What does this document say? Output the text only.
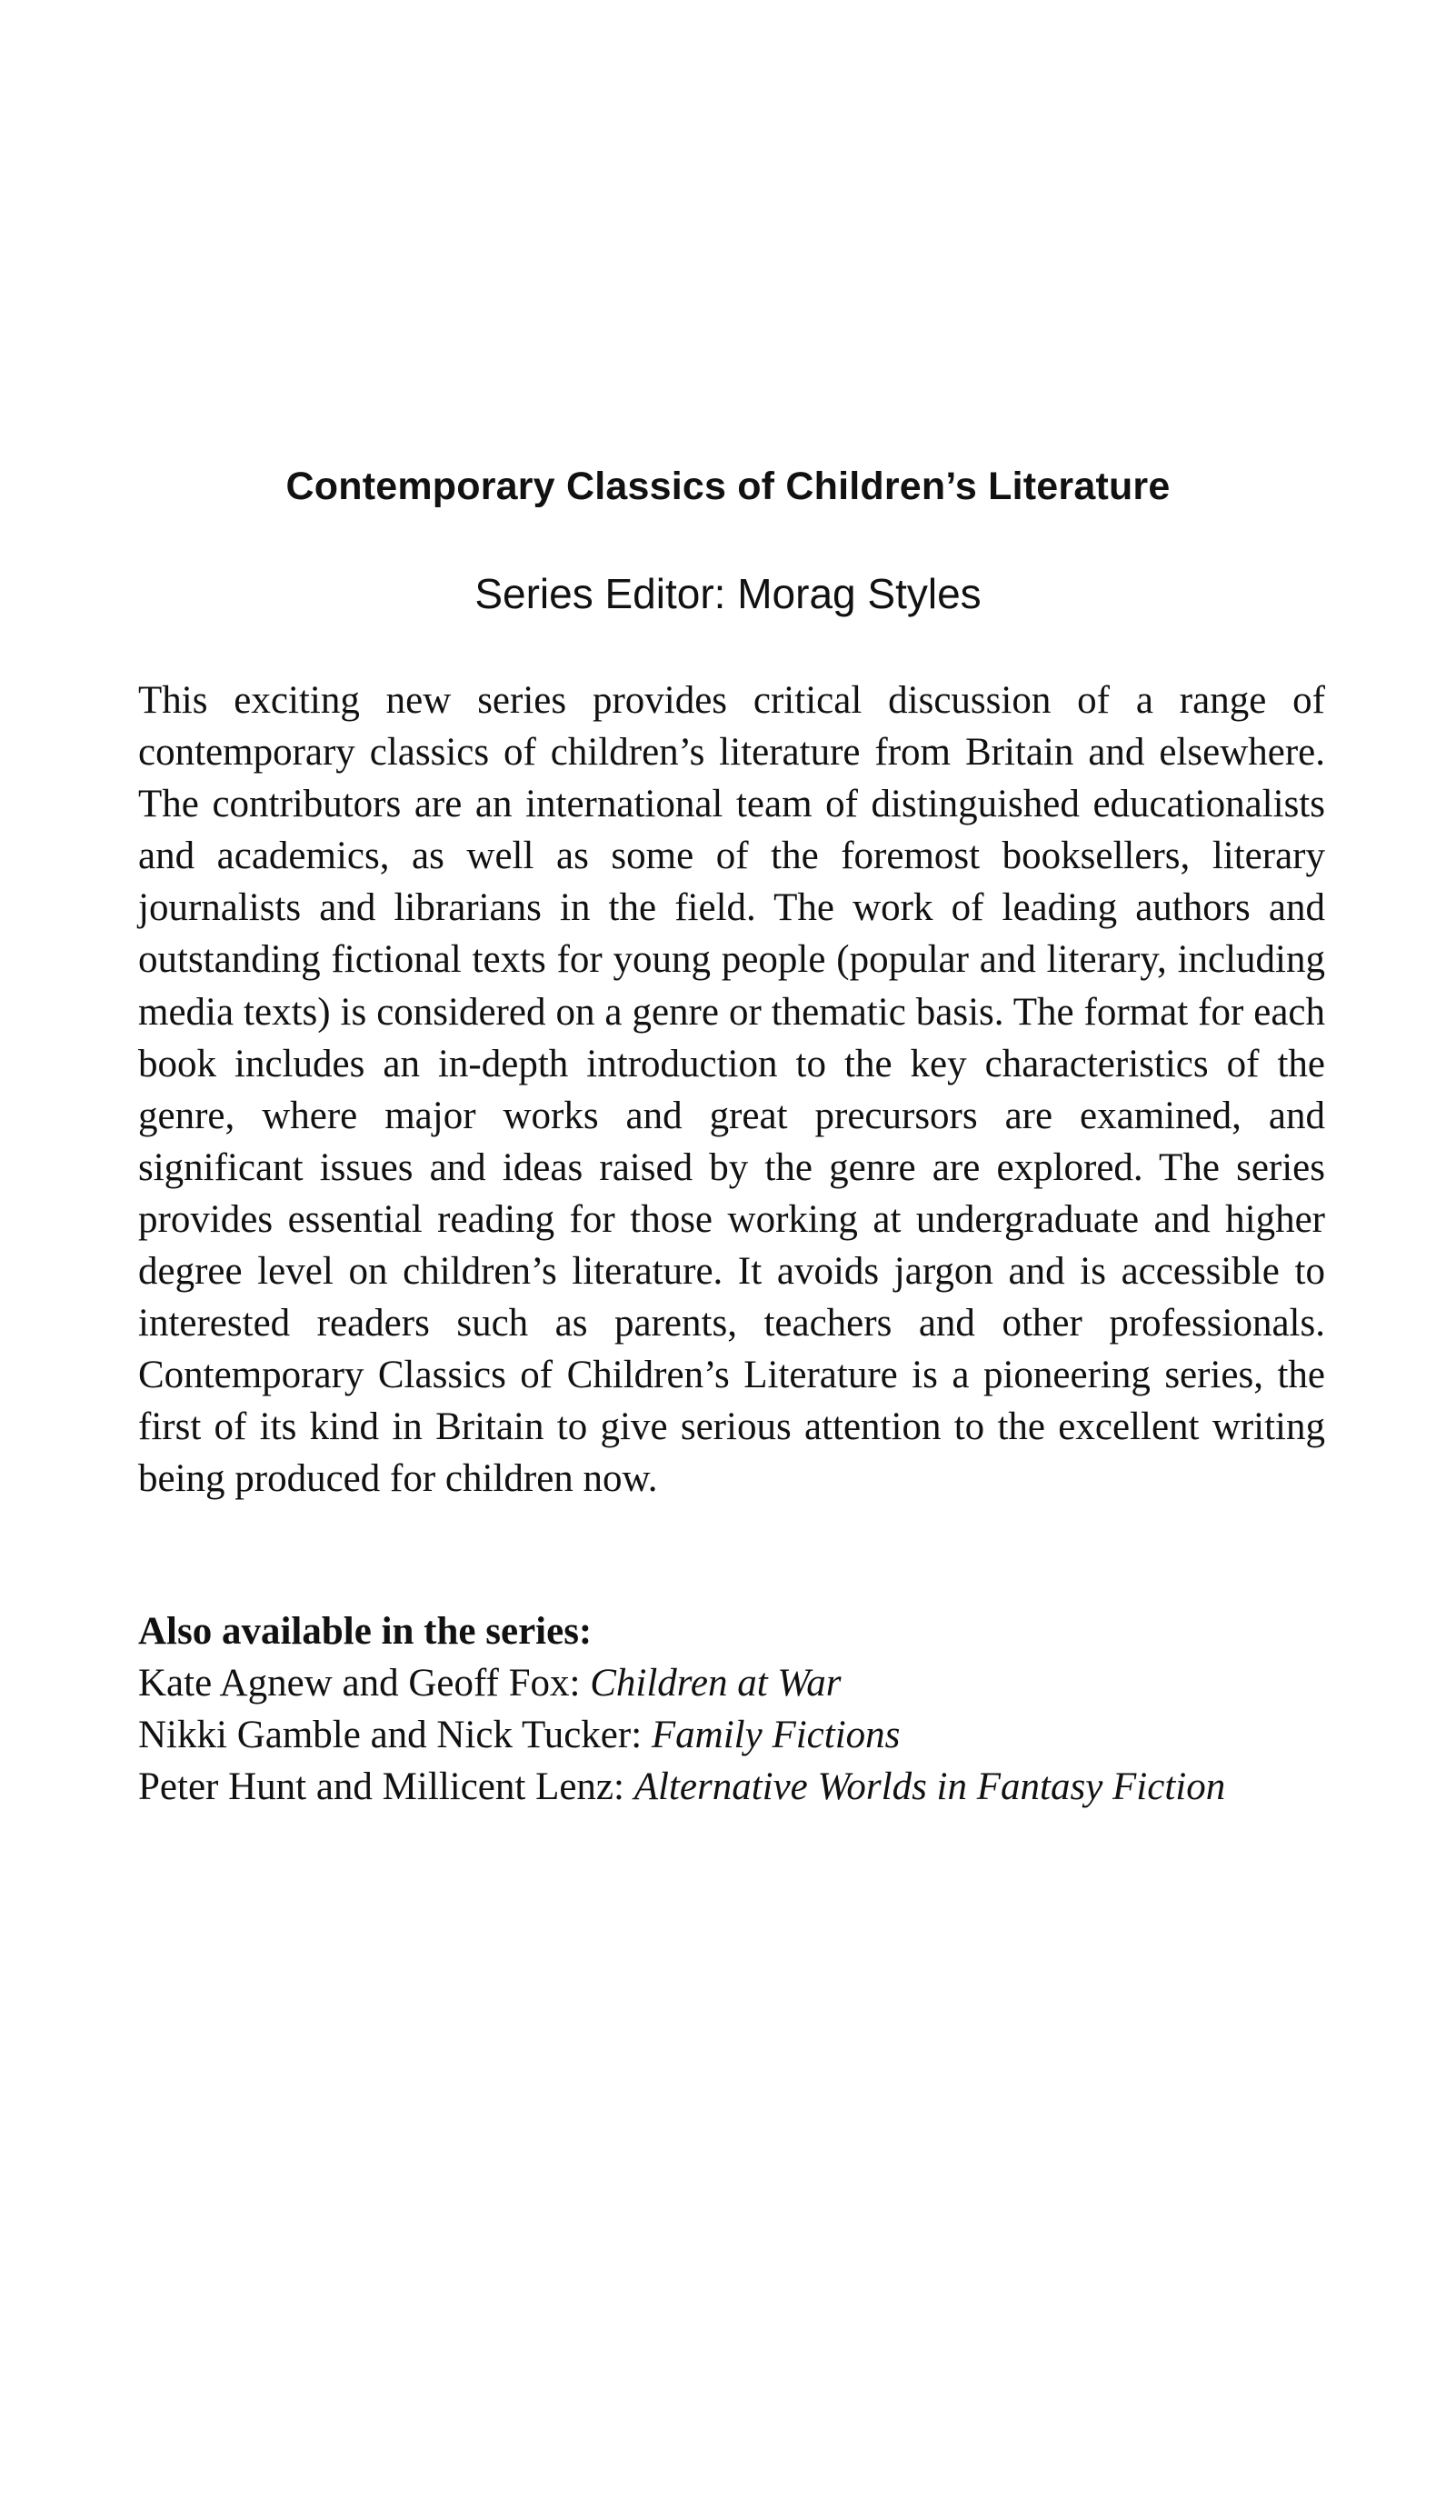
Contemporary Classics of Children’s Literature
Series Editor: Morag Styles

This exciting new series provides critical discussion of a range of contemporary classics of children’s literature from Britain and elsewhere. The contributors are an international team of distinguished educationalists and academics, as well as some of the foremost booksellers, literary journalists and librarians in the field. The work of leading authors and outstanding fictional texts for young people (popular and literary, including media texts) is considered on a genre or thematic basis. The format for each book includes an in-depth introduction to the key characteristics of the genre, where major works and great precursors are examined, and significant issues and ideas raised by the genre are explored. The series provides essential reading for those working at undergraduate and higher degree level on children’s literature. It avoids jargon and is accessible to interested readers such as parents, teachers and other professionals. Contemporary Classics of Children’s Literature is a pioneering series, the first of its kind in Britain to give serious attention to the excellent writing being produced for children now.

Also available in the series:
Kate Agnew and Geoff Fox: Children at War
Nikki Gamble and Nick Tucker: Family Fictions
Peter Hunt and Millicent Lenz: Alternative Worlds in Fantasy Fiction
